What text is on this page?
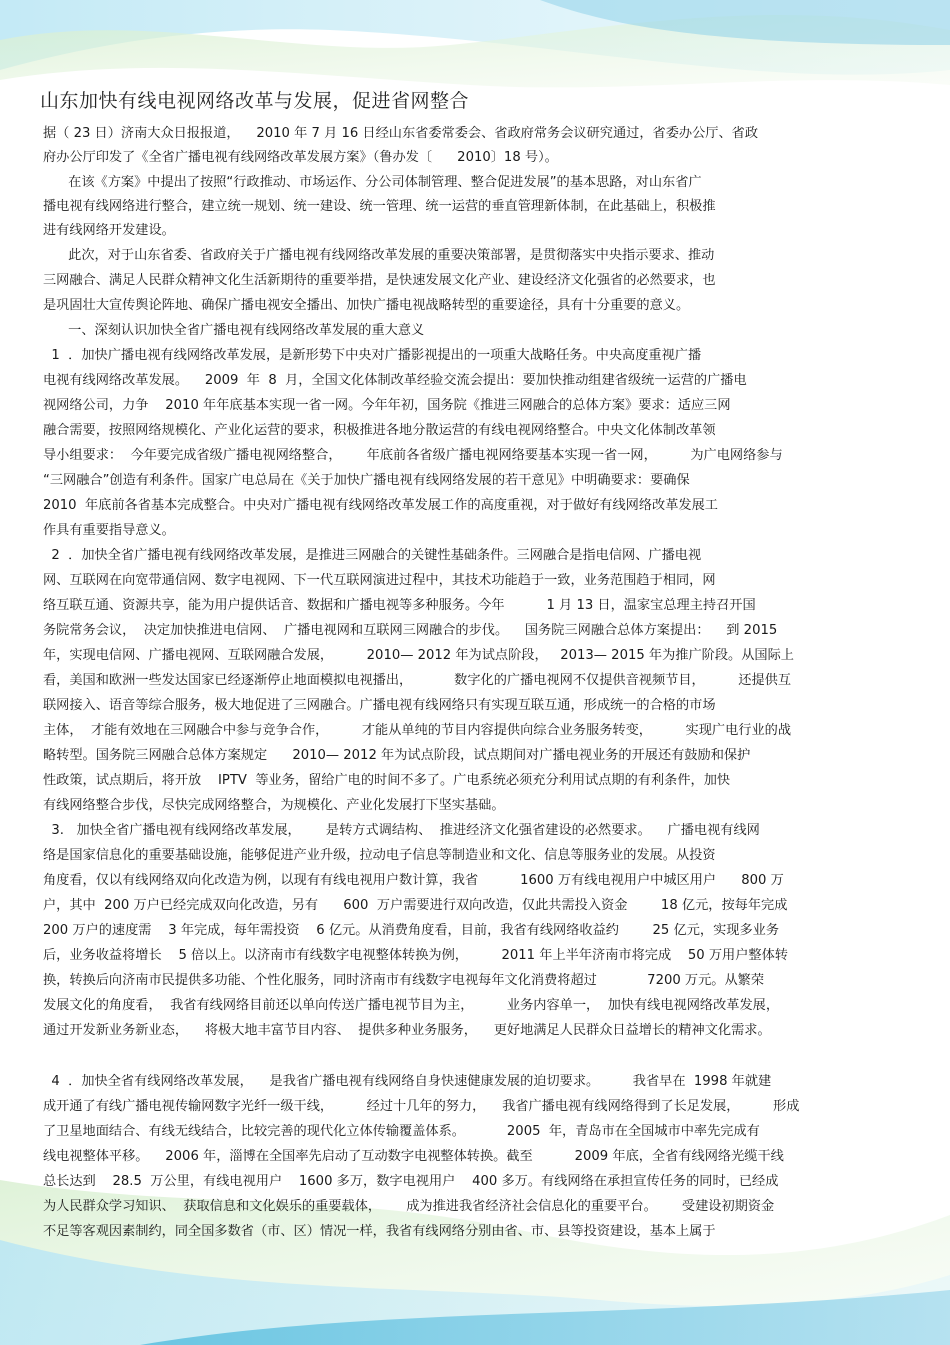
山东加快有线电视网络改革与发展，促进省网整合
据（ 23 日）济南大众日报报道，    2010 年 7 月 16 日经山东省委常委会、省政府常务会议研究通过，省委办公厅、省政
府办公厅印发了《全省广播电视有线网络改革发展方案》（鲁办发〔      2010〕18 号）。
在该《方案》中提出了按照“行政推动、市场运作、分公司体制管理、整合促进发展”的基本思路，对山东省广
播电视有线网络进行整合，建立统一规划、统一建设、统一管理、统一运营的垂直管理新体制，在此基础上，积极推
进有线网络开发建设。
此次，对于山东省委、省政府关于广播电视有线网络改革发展的重要决策部署，是贯彻落实中央指示要求、推动
三网融合、满足人民群众精神文化生活新期待的重要举措，是快速发展文化产业、建设经济文化强省的必然要求，也
是巩固壮大宣传舆论阵地、确保广播电视安全播出、加快广播电视战略转型的重要途径，具有十分重要的意义。
一、深刻认识加快全省广播电视有线网络改革发展的重大意义
1  ．加快广播电视有线网络改革发展，是新形势下中央对广播影视提出的一项重大战略任务。中央高度重视广播
电视有线网络改革发展。    2009  年  8  月，全国文化体制改革经验交流会提出：要加快推动组建省级统一运营的广播电
视网络公司，力争    2010 年年底基本实现一省一网。今年年初，国务院《推进三网融合的总体方案》要求：适应三网
融合需要，按照网络规模化、产业化运营的要求，积极推进各地分散运营的有线电视网络整合。中央文化体制改革领
导小组要求：  今年要完成省级广播电视网络整合，      年底前各省级广播电视网络要基本实现一省一网，        为广电网络参与
“三网融合”创造有利条件。国家广电总局在《关于加快广播电视有线网络发展的若干意见》中明确要求：要确保
2010  年底前各省基本完成整合。中央对广播电视有线网络改革发展工作的高度重视，对于做好有线网络改革发展工
作具有重要指导意义。
2  ．加快全省广播电视有线网络改革发展，是推进三网融合的关键性基础条件。三网融合是指电信网、广播电视
网、互联网在向宽带通信网、数字电视网、下一代互联网演进过程中，其技术功能趋于一致，业务范围趋于相同，网
络互联互通、资源共享，能为用户提供话音、数据和广播电视等多种服务。今年          1 月 13 日，温家宝总理主持召开国
务院常务会议，  决定加快推进电信网、  广播电视网和互联网三网融合的步伐。    国务院三网融合总体方案提出：    到 2015
年，实现电信网、广播电视网、互联网融合发展，        2010— 2012 年为试点阶段，   2013— 2015 年为推广阶段。从国际上
看，美国和欧洲一些发达国家已经逐渐停止地面模拟电视播出，          数字化的广播电视网不仅提供音视频节目，        还提供互
联网接入、语音等综合服务，极大地促进了三网融合。广播电视有线网络只有实现互联互通，形成统一的合格的市场
主体，  才能有效地在三网融合中参与竞争合作，        才能从单纯的节目内容提供向综合业务服务转变，        实现广电行业的战
略转型。国务院三网融合总体方案规定      2010— 2012 年为试点阶段，试点期间对广播电视业务的开展还有鼓励和保护
性政策，试点期后，将开放    IPTV  等业务，留给广电的时间不多了。广电系统必须充分利用试点期的有利条件，加快
有线网络整合步伐，尽快完成网络整合，为规模化、产业化发展打下坚实基础。
3.   加快全省广播电视有线网络改革发展，      是转方式调结构、  推进经济文化强省建设的必然要求。    广播电视有线网
络是国家信息化的重要基础设施，能够促进产业升级，拉动电子信息等制造业和文化、信息等服务业的发展。从投资
角度看，仅以有线网络双向化改造为例，以现有有线电视用户数计算，我省          1600 万有线电视用户中城区用户      800 万
户，其中  200 万户已经完成双向化改造，另有      600  万户需要进行双向改造，仅此共需投入资金        18 亿元，按每年完成
200 万户的速度需    3 年完成，每年需投资    6 亿元。从消费角度看，目前，我省有线网络收益约        25 亿元，实现多业务
后，业务收益将增长    5 倍以上。以济南市有线数字电视整体转换为例，        2011 年上半年济南市将完成    50 万用户整体转
换，转换后向济南市民提供多功能、个性化服务，同时济南市有线数字电视每年文化消费将超过            7200 万元。从繁荣
发展文化的角度看，  我省有线网络目前还以单向传送广播电视节目为主，        业务内容单一，  加快有线电视网络改革发展，
通过开发新业务新业态，    将极大地丰富节目内容、  提供多种业务服务，    更好地满足人民群众日益增长的精神文化需求。
4  ．加快全省有线网络改革发展，    是我省广播电视有线网络自身快速健康发展的迫切要求。        我省早在  1998 年就建
成开通了有线广播电视传输网数字光纤一级干线，        经过十几年的努力，    我省广播电视有线网络得到了长足发展，        形成
了卫星地面结合、有线无线结合，比较完善的现代化立体传输覆盖体系。          2005  年，青岛市在全国城市中率先完成有
线电视整体平移。    2006 年，淄博在全国率先启动了互动数字电视整体转换。截至          2009 年底，全省有线网络光缆干线
总长达到    28.5  万公里，有线电视用户    1600 多万，数字电视用户    400 多万。有线网络在承担宣传任务的同时，已经成
为人民群众学习知识、  获取信息和文化娱乐的重要载体，      成为推进我省经济社会信息化的重要平台。      受建设初期资金
不足等客观因素制约，同全国多数省（市、区）情况一样，我省有线网络分别由省、市、县等投资建设，基本上属于
